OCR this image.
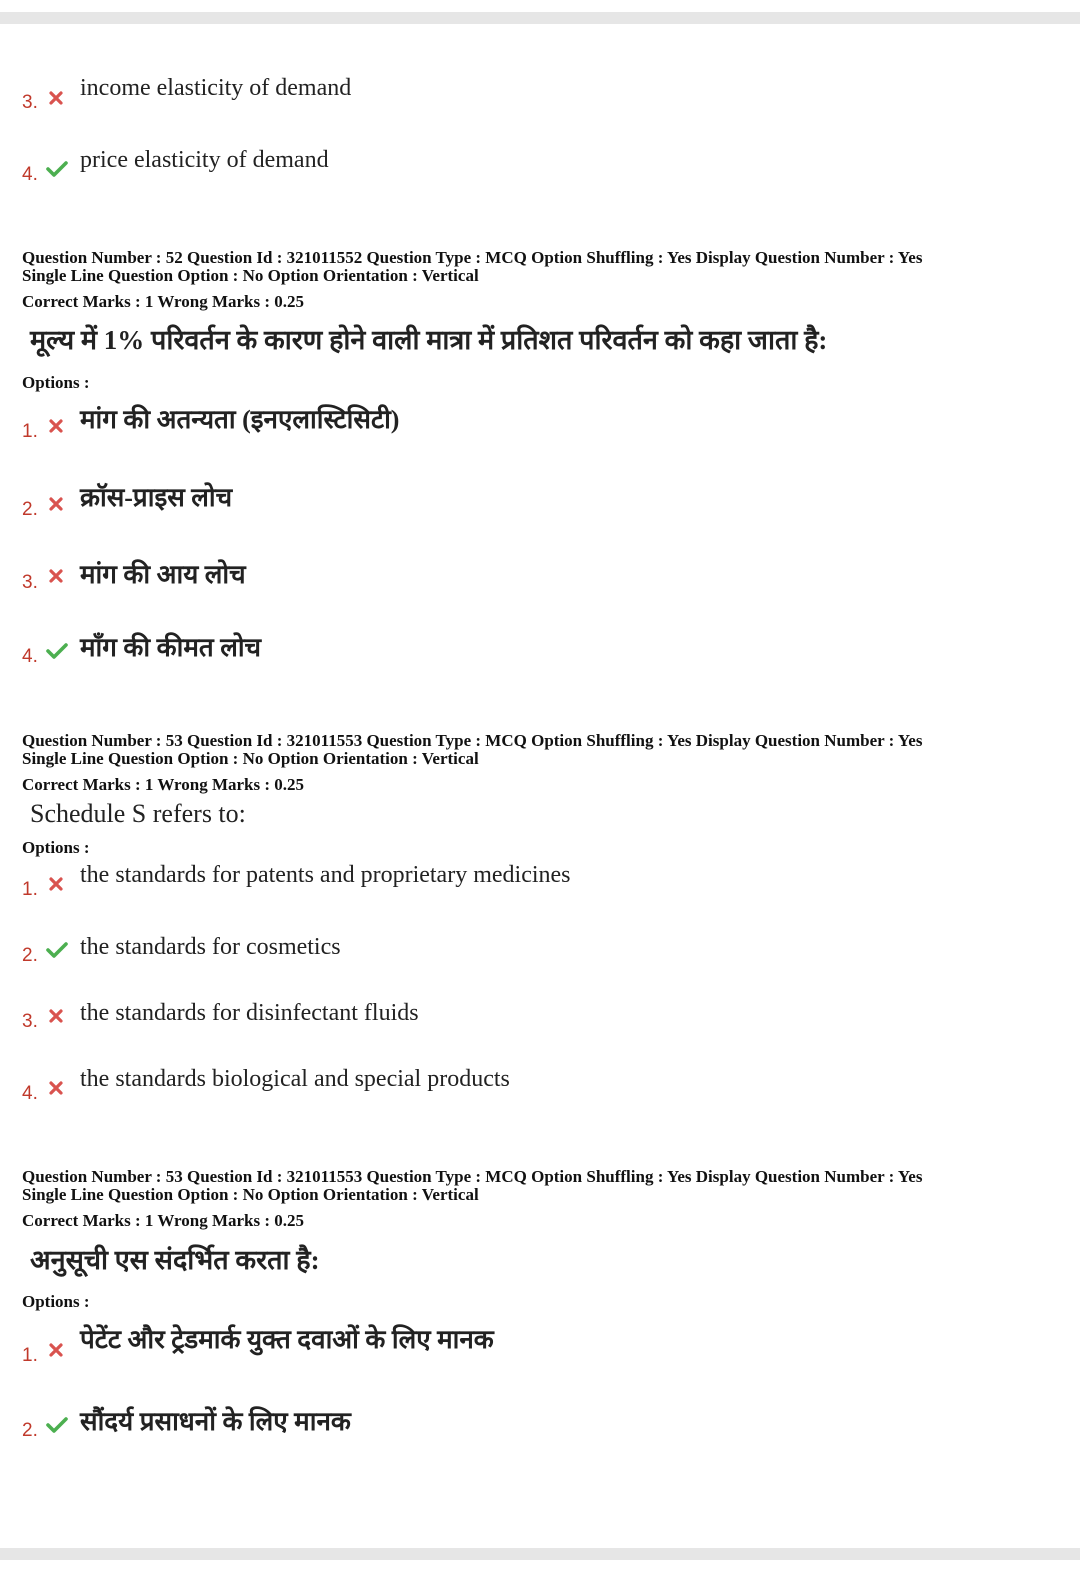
3.
income elasticity of demand
4.
price elasticity of demand
Question Number : 52 Question Id : 321011552 Question Type : MCQ Option Shuffling : Yes Display Question Number : Yes
Single Line Question Option : No Option Orientation : Vertical
Correct Marks : 1 Wrong Marks : 0.25
मूल्य में 1% परिवर्तन के कारण होने वाली मात्रा में प्रतिशत परिवर्तन को कहा जाता है:
Options :
1. मांग की अतन्यता (इनएलास्टिसिटी)
2. क्रॉस-प्राइस लोच
3. मांग की आय लोच
4. माँग की कीमत लोच
Question Number : 53 Question Id : 321011553 Question Type : MCQ Option Shuffling : Yes Display Question Number : Yes
Single Line Question Option : No Option Orientation : Vertical
Correct Marks : 1 Wrong Marks : 0.25
Schedule S refers to:
Options :
1.
the standards for patents and proprietary medicines
2. the standards for cosmetics
3. the standards for disinfectant fluids
4.
the standards biological and special products
Question Number : 53 Question Id : 321011553 Question Type : MCQ Option Shuffling : Yes Display Question Number : Yes
Single Line Question Option : No Option Orientation : Vertical
Correct Marks : 1 Wrong Marks : 0.25
अनुसूची एस संदर्भित करता है:
Options :
1.
पेटेंट और ट्रेडमार्क युक्त दवाओं के लिए मानक
2. सौंदर्य प्रसाधनों के लिए मानक
